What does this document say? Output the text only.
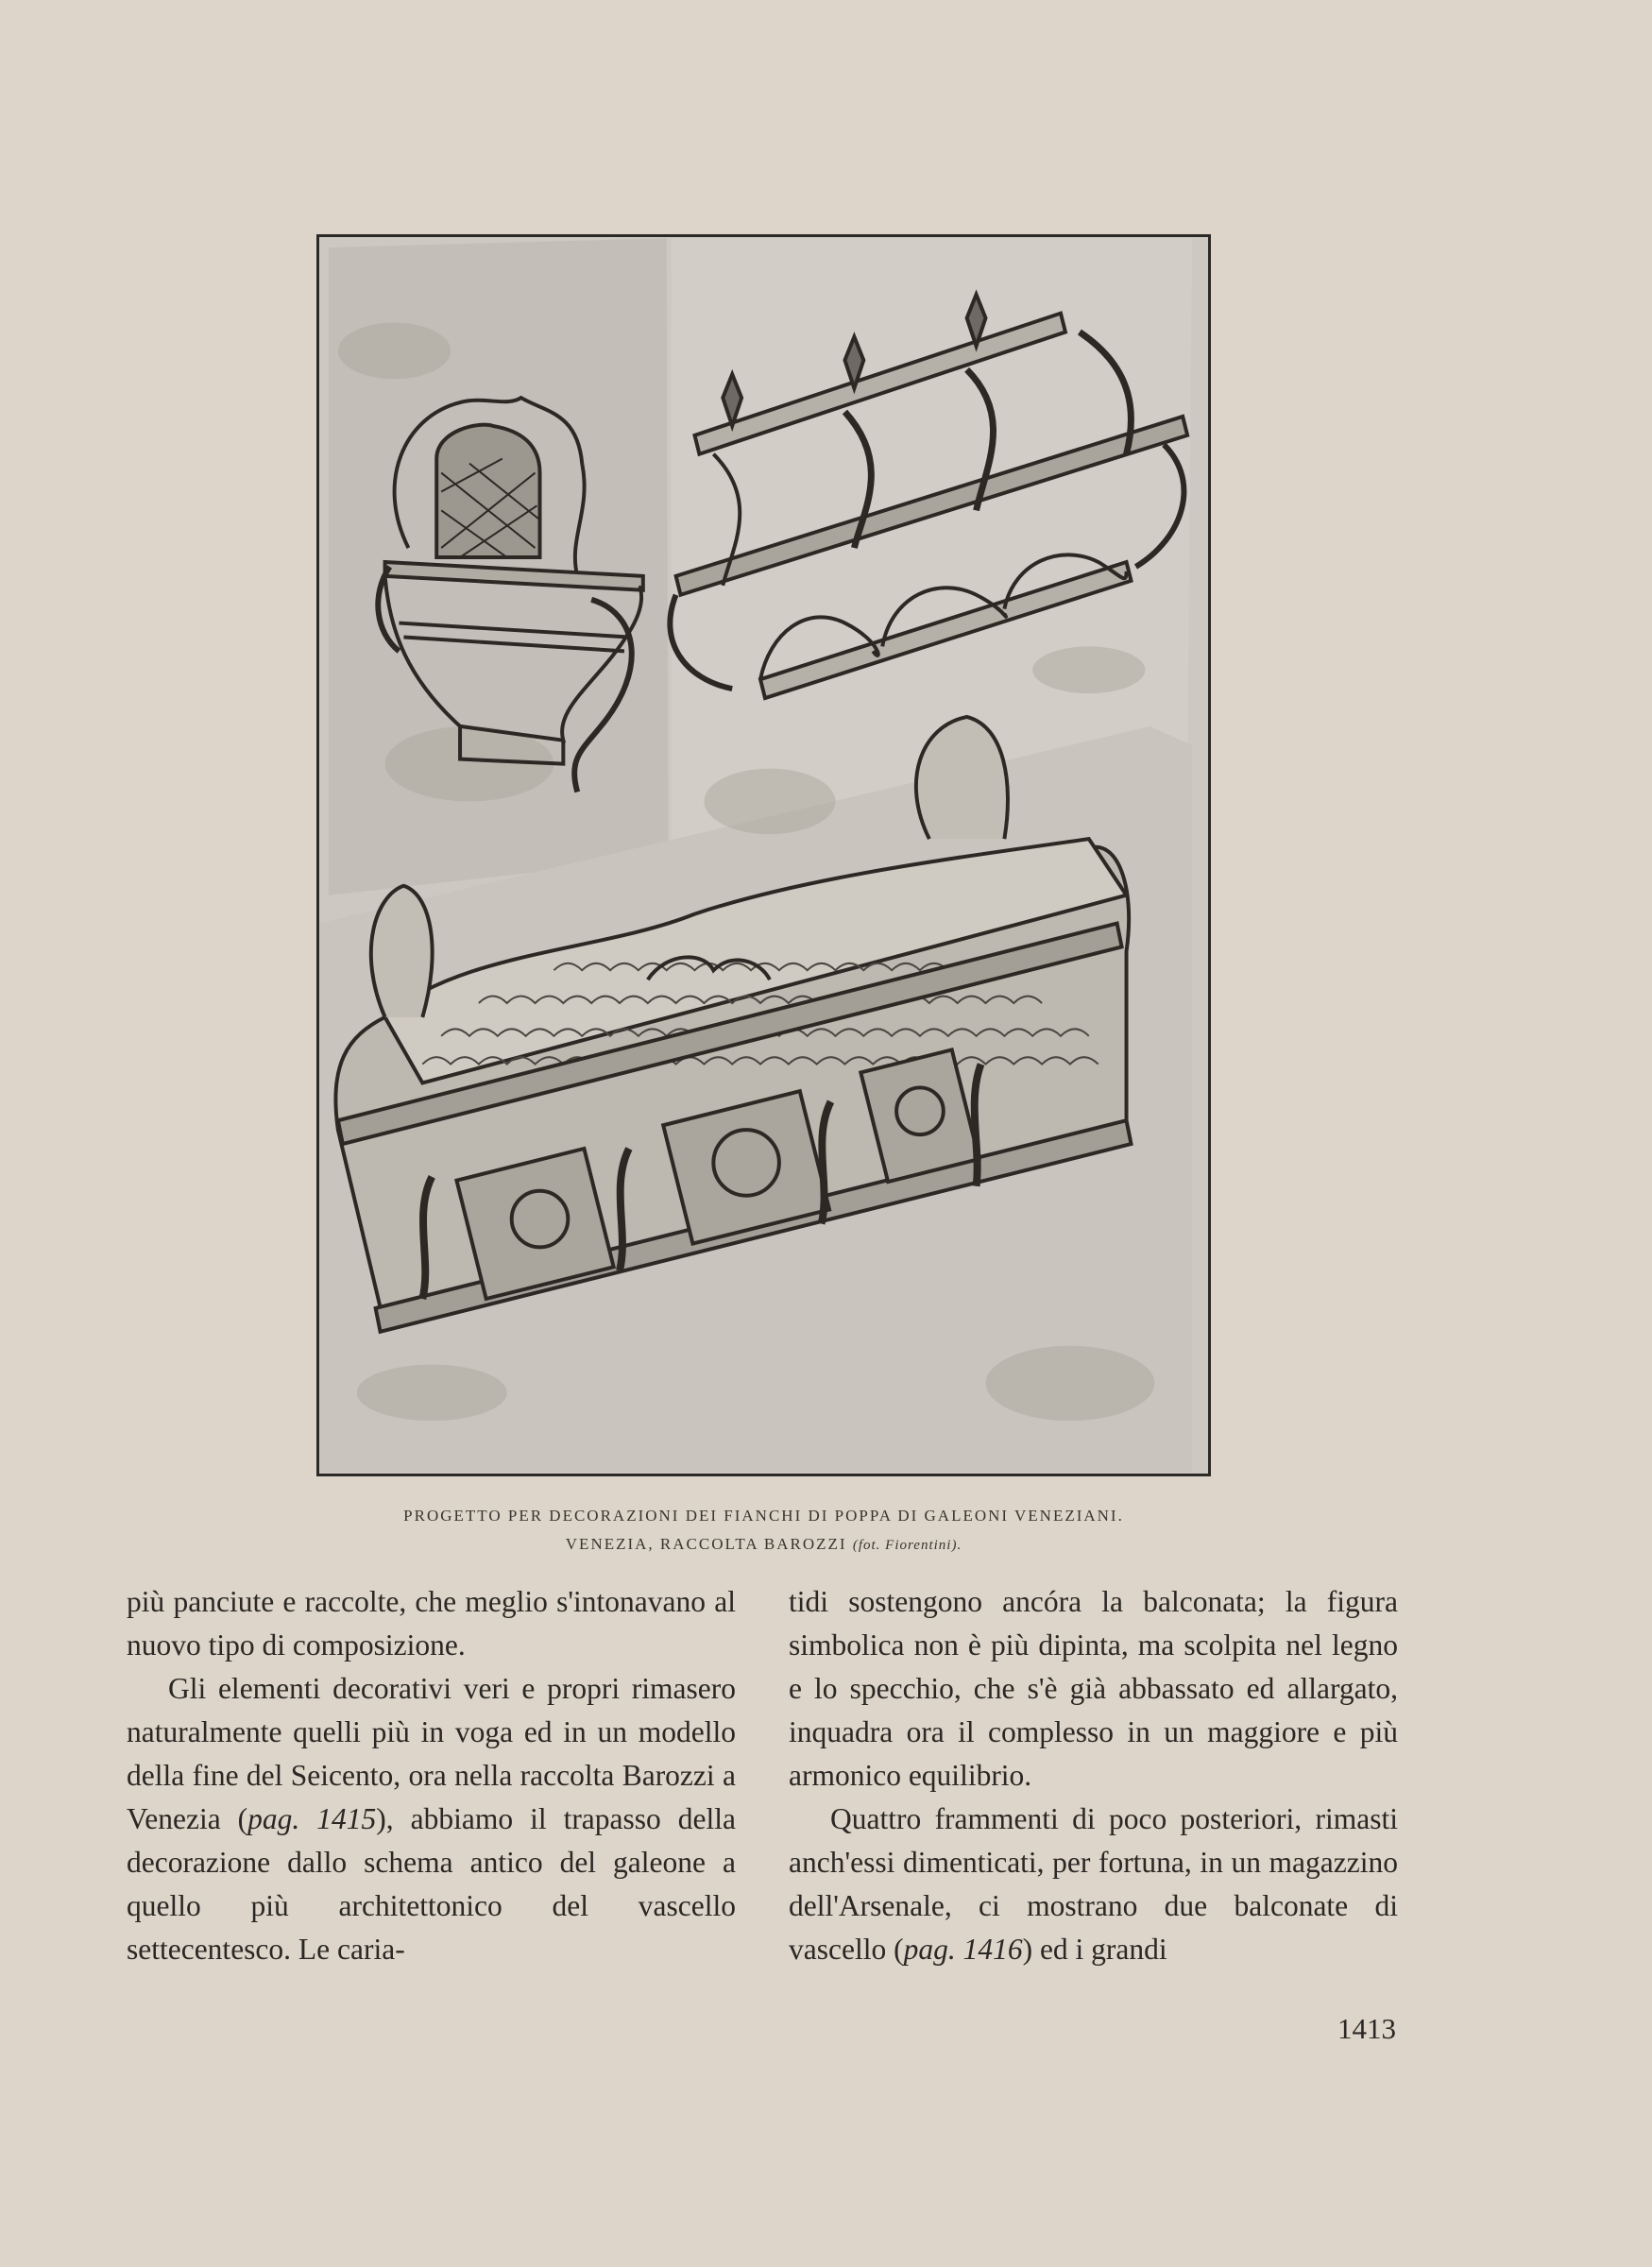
PROGETTO PER DECORAZIONI DEI FIANCHI DI POPPA DI GALEONI VENEZIANI.
VENEZIA, RACCOLTA BAROZZI (fot. Fiorentini).

più panciute e raccolte, che meglio s'intonavano al nuovo tipo di composizione.

Gli elementi decorativi veri e propri rimasero naturalmente quelli più in voga ed in un modello della fine del Seicento, ora nella raccolta Barozzi a Venezia (pag. 1415), abbiamo il trapasso della decorazione dallo schema antico del galeone a quello più architettonico del vascello settecentesco. Le caria-

tidi sostengono ancóra la balconata; la figura simbolica non è più dipinta, ma scolpita nel legno e lo specchio, che s'è già abbassato ed allargato, inquadra ora il complesso in un maggiore e più armonico equilibrio.

Quattro frammenti di poco posteriori, rimasti anch'essi dimenticati, per fortuna, in un magazzino dell'Arsenale, ci mostrano due balconate di vascello (pag. 1416) ed i grandi

1413
